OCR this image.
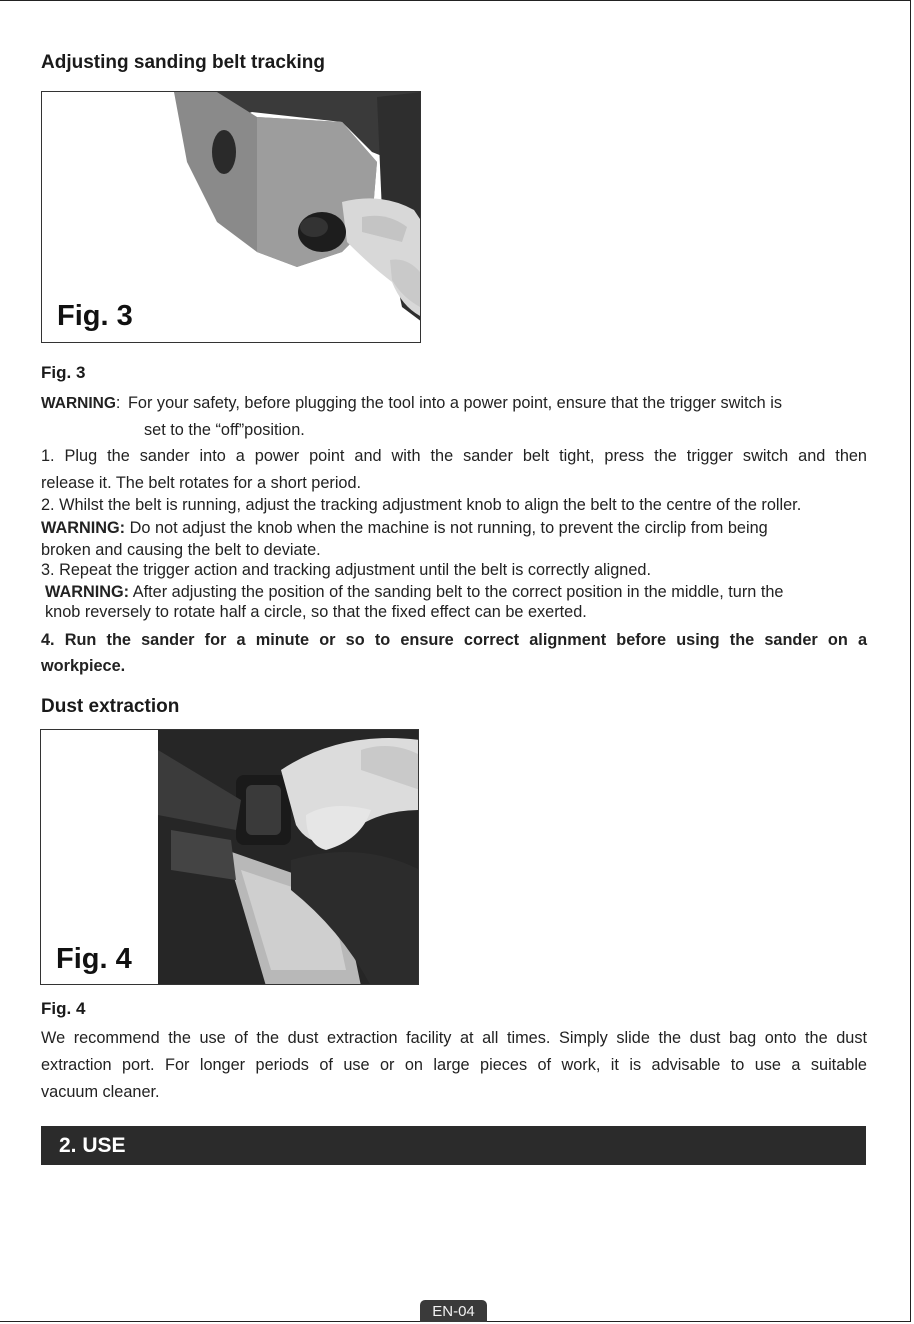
Adjusting sanding belt tracking
Fig. 3
Fig. 3
WARNING: For your safety, before plugging the tool into a power point, ensure that the trigger switch is
set to the “off”position.
1. Plug the sander into a power point and with the sander belt tight, press the trigger switch and then
release it. The belt rotates for a short period.
2. Whilst the belt is running, adjust the tracking adjustment knob to align the belt to the centre of the roller.
WARNING: Do not adjust the knob when the machine is not running, to prevent the circlip from being
broken and causing the belt to deviate.
3. Repeat the trigger action and tracking adjustment until the belt is correctly aligned.
WARNING: After adjusting the position of the sanding belt to the correct position in the middle, turn the
knob reversely to rotate half a circle, so that the fixed effect can be exerted.
4. Run the sander for a minute or so to ensure correct alignment before using the sander on a
workpiece.
Dust extraction
Fig. 4
Fig. 4
We recommend the use of the dust extraction facility at all times. Simply slide the dust bag onto the dust
extraction port. For longer periods of use or on large pieces of work, it is advisable to use a suitable
vacuum cleaner.
2. USE
EN-04
